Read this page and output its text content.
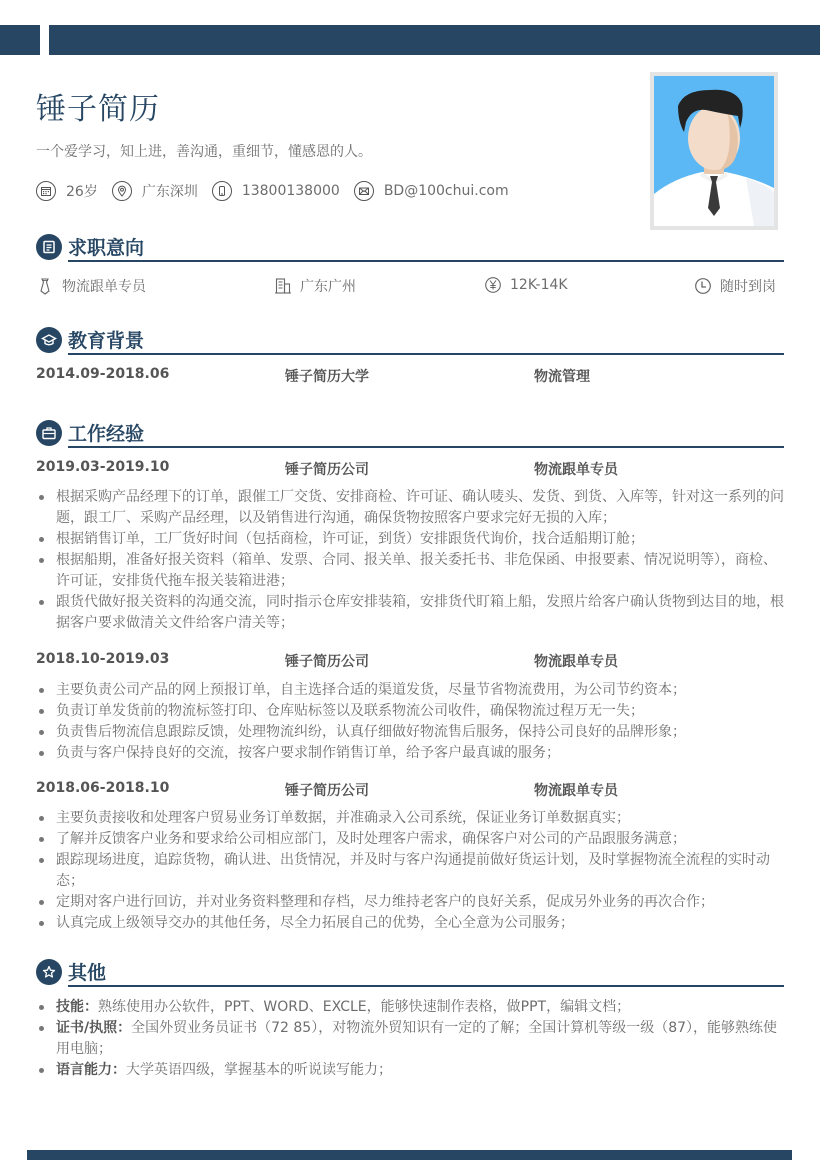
锤子简历
一个爱学习，知上进，善沟通，重细节，懂感恩的人。
26岁	广东深圳	13800138000	BD@100chui.com
求职意向
物流跟单专员	广东广州	12K-14K	随时到岗
教育背景
2014.09-2018.06	锤子简历大学	物流管理
工作经验
2019.03-2019.10	锤子简历公司	物流跟单专员
根据采购产品经理下的订单，跟催工厂交货、安排商检、许可证、确认唛头、发货、到货、入库等，针对这一系列的问题，跟工厂、采购产品经理，以及销售进行沟通，确保货物按照客户要求完好无损的入库；
根据销售订单，工厂货好时间（包括商检，许可证，到货）安排跟货代询价，找合适船期订舱；
根据船期，准备好报关资料（箱单、发票、合同、报关单、报关委托书、非危保函、申报要素、情况说明等），商检、许可证，安排货代拖车报关装箱进港；
跟货代做好报关资料的沟通交流，同时指示仓库安排装箱，安排货代盯箱上船，发照片给客户确认货物到达目的地，根据客户要求做清关文件给客户清关等；
2018.10-2019.03	锤子简历公司	物流跟单专员
主要负责公司产品的网上预报订单，自主选择合适的渠道发货，尽量节省物流费用，为公司节约资本；
负责订单发货前的物流标签打印、仓库贴标签以及联系物流公司收件，确保物流过程万无一失；
负责售后物流信息跟踪反馈，处理物流纠纷，认真仔细做好物流售后服务，保持公司良好的品牌形象；
负责与客户保持良好的交流，按客户要求制作销售订单，给予客户最真诚的服务；
2018.06-2018.10	锤子简历公司	物流跟单专员
主要负责接收和处理客户贸易业务订单数据，并准确录入公司系统，保证业务订单数据真实；
了解并反馈客户业务和要求给公司相应部门，及时处理客户需求，确保客户对公司的产品跟服务满意；
跟踪现场进度，追踪货物，确认进、出货情况，并及时与客户沟通提前做好货运计划，及时掌握物流全流程的实时动态；
定期对客户进行回访，并对业务资料整理和存档，尽力维持老客户的良好关系，促成另外业务的再次合作；
认真完成上级领导交办的其他任务，尽全力拓展自己的优势，全心全意为公司服务；
其他
技能：熟练使用办公软件，PPT、WORD、EXCLE，能够快速制作表格，做PPT，编辑文档；
证书/执照：全国外贸业务员证书（72 85），对物流外贸知识有一定的了解；全国计算机等级一级（87），能够熟练使用电脑；
语言能力：大学英语四级，掌握基本的听说读写能力；
